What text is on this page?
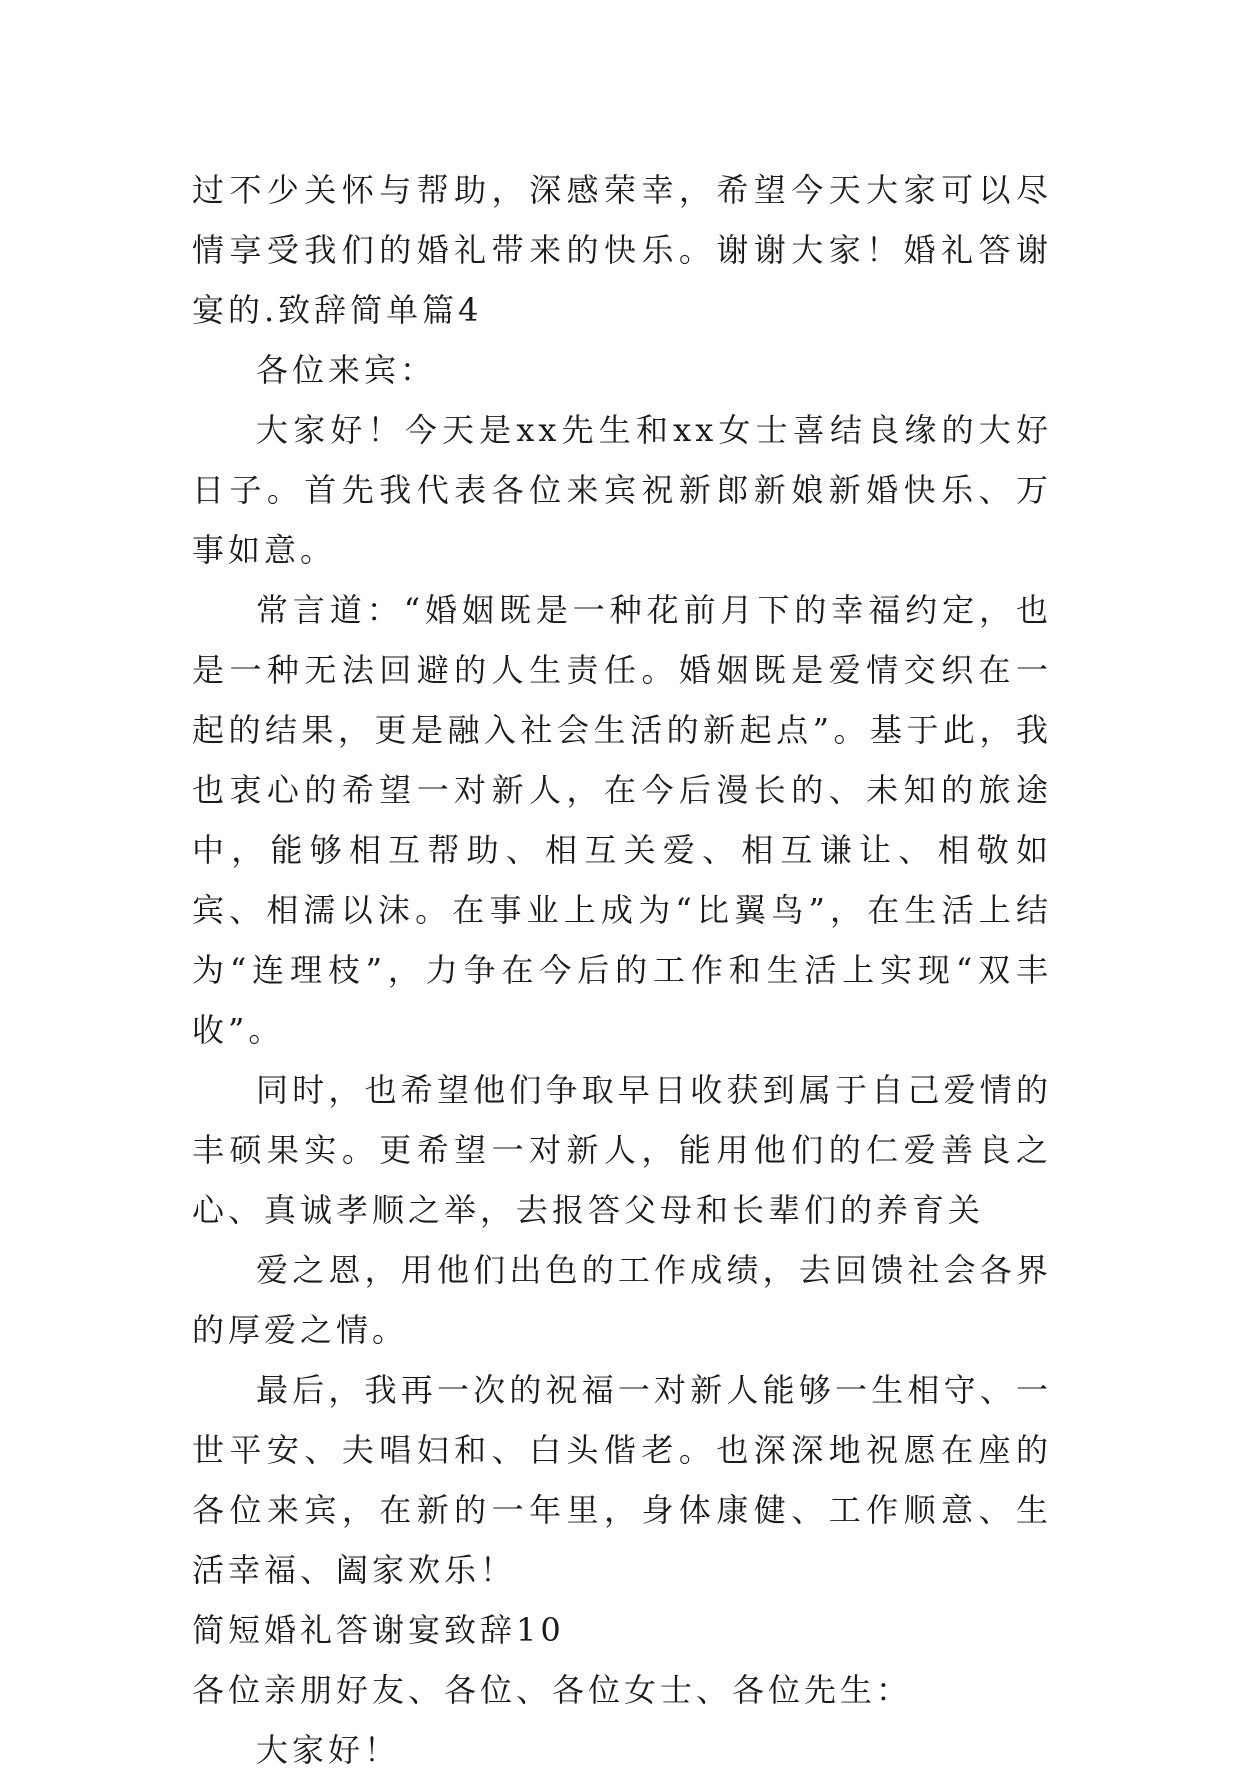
过不少关怀与帮助，深感荣幸，希望今天大家可以尽情享受我们的婚礼带来的快乐。谢谢大家！婚礼答谢宴的.致辞简单篇4

各位来宾：

大家好！今天是xx先生和xx女士喜结良缘的大好日子。首先我代表各位来宾祝新郎新娘新婚快乐、万事如意。

常言道：“婚姻既是一种花前月下的幸福约定，也是一种无法回避的人生责任。婚姻既是爱情交织在一起的结果，更是融入社会生活的新起点”。基于此，我也衷心的希望一对新人，在今后漫长的、未知的旅途中，能够相互帮助、相互关爱、相互谦让、相敬如宾、相濡以沫。在事业上成为“比翼鸟”，在生活上结为“连理枝”，力争在今后的工作和生活上实现“双丰收”。

同时，也希望他们争取早日收获到属于自己爱情的丰硕果实。更希望一对新人，能用他们的仁爱善良之心、真诚孝顺之举，去报答父母和长辈们的养育关

爱之恩，用他们出色的工作成绩，去回馈社会各界的厚爱之情。

最后，我再一次的祝福一对新人能够一生相守、一世平安、夫唱妇和、白头偕老。也深深地祝愿在座的各位来宾，在新的一年里，身体康健、工作顺意、生活幸福、阖家欢乐！

简短婚礼答谢宴致辞10

各位亲朋好友、各位、各位女士、各位先生：

大家好！
